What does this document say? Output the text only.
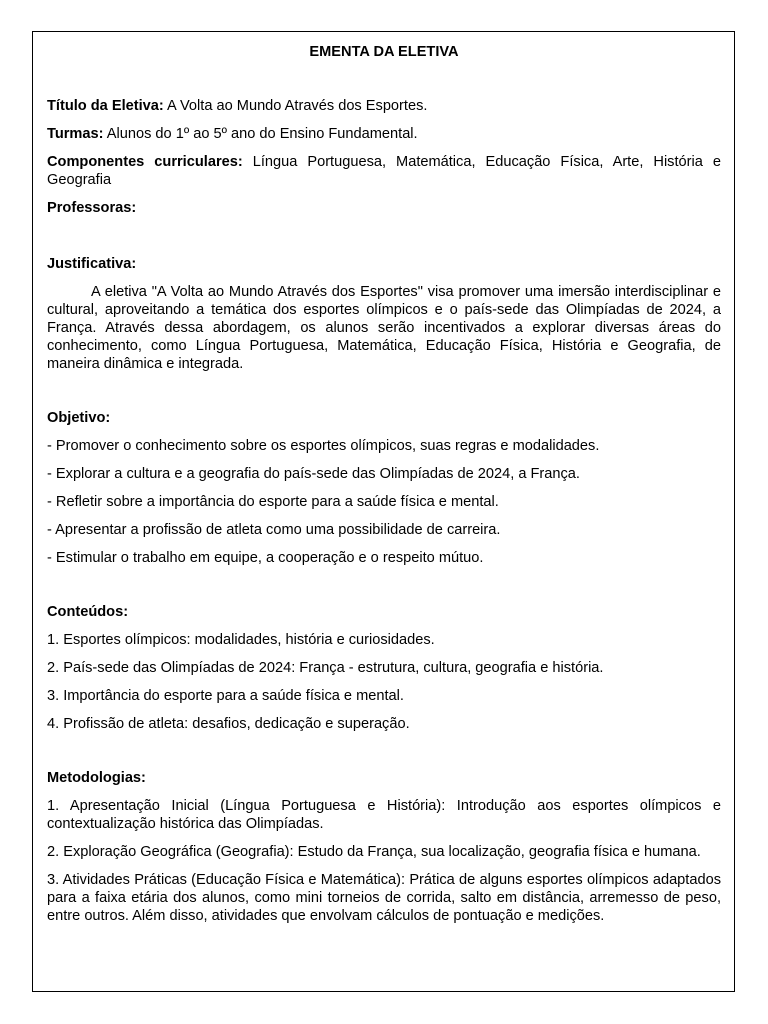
EMENTA DA ELETIVA

Título da Eletiva: A Volta ao Mundo Através dos Esportes.

Turmas: Alunos do 1º ao 5º ano do Ensino Fundamental.

Componentes curriculares: Língua Portuguesa, Matemática, Educação Física, Arte, História e Geografia

Professoras:

Justificativa:

A eletiva "A Volta ao Mundo Através dos Esportes" visa promover uma imersão interdisciplinar e cultural, aproveitando a temática dos esportes olímpicos e o país-sede das Olimpíadas de 2024, a França. Através dessa abordagem, os alunos serão incentivados a explorar diversas áreas do conhecimento, como Língua Portuguesa, Matemática, Educação Física, História e Geografia, de maneira dinâmica e integrada.

Objetivo:
- Promover o conhecimento sobre os esportes olímpicos, suas regras e modalidades.
- Explorar a cultura e a geografia do país-sede das Olimpíadas de 2024, a França.
- Refletir sobre a importância do esporte para a saúde física e mental.
- Apresentar a profissão de atleta como uma possibilidade de carreira.
- Estimular o trabalho em equipe, a cooperação e o respeito mútuo.
Conteúdos:
1. Esportes olímpicos: modalidades, história e curiosidades.
2. País-sede das Olimpíadas de 2024: França - estrutura, cultura, geografia e história.
3. Importância do esporte para a saúde física e mental.
4. Profissão de atleta: desafios, dedicação e superação.
Metodologias:
1. Apresentação Inicial (Língua Portuguesa e História): Introdução aos esportes olímpicos e contextualização histórica das Olimpíadas.
2. Exploração Geográfica (Geografia): Estudo da França, sua localização, geografia física e humana.
3. Atividades Práticas (Educação Física e Matemática): Prática de alguns esportes olímpicos adaptados para a faixa etária dos alunos, como mini torneios de corrida, salto em distância, arremesso de peso, entre outros. Além disso, atividades que envolvam cálculos de pontuação e medições.
